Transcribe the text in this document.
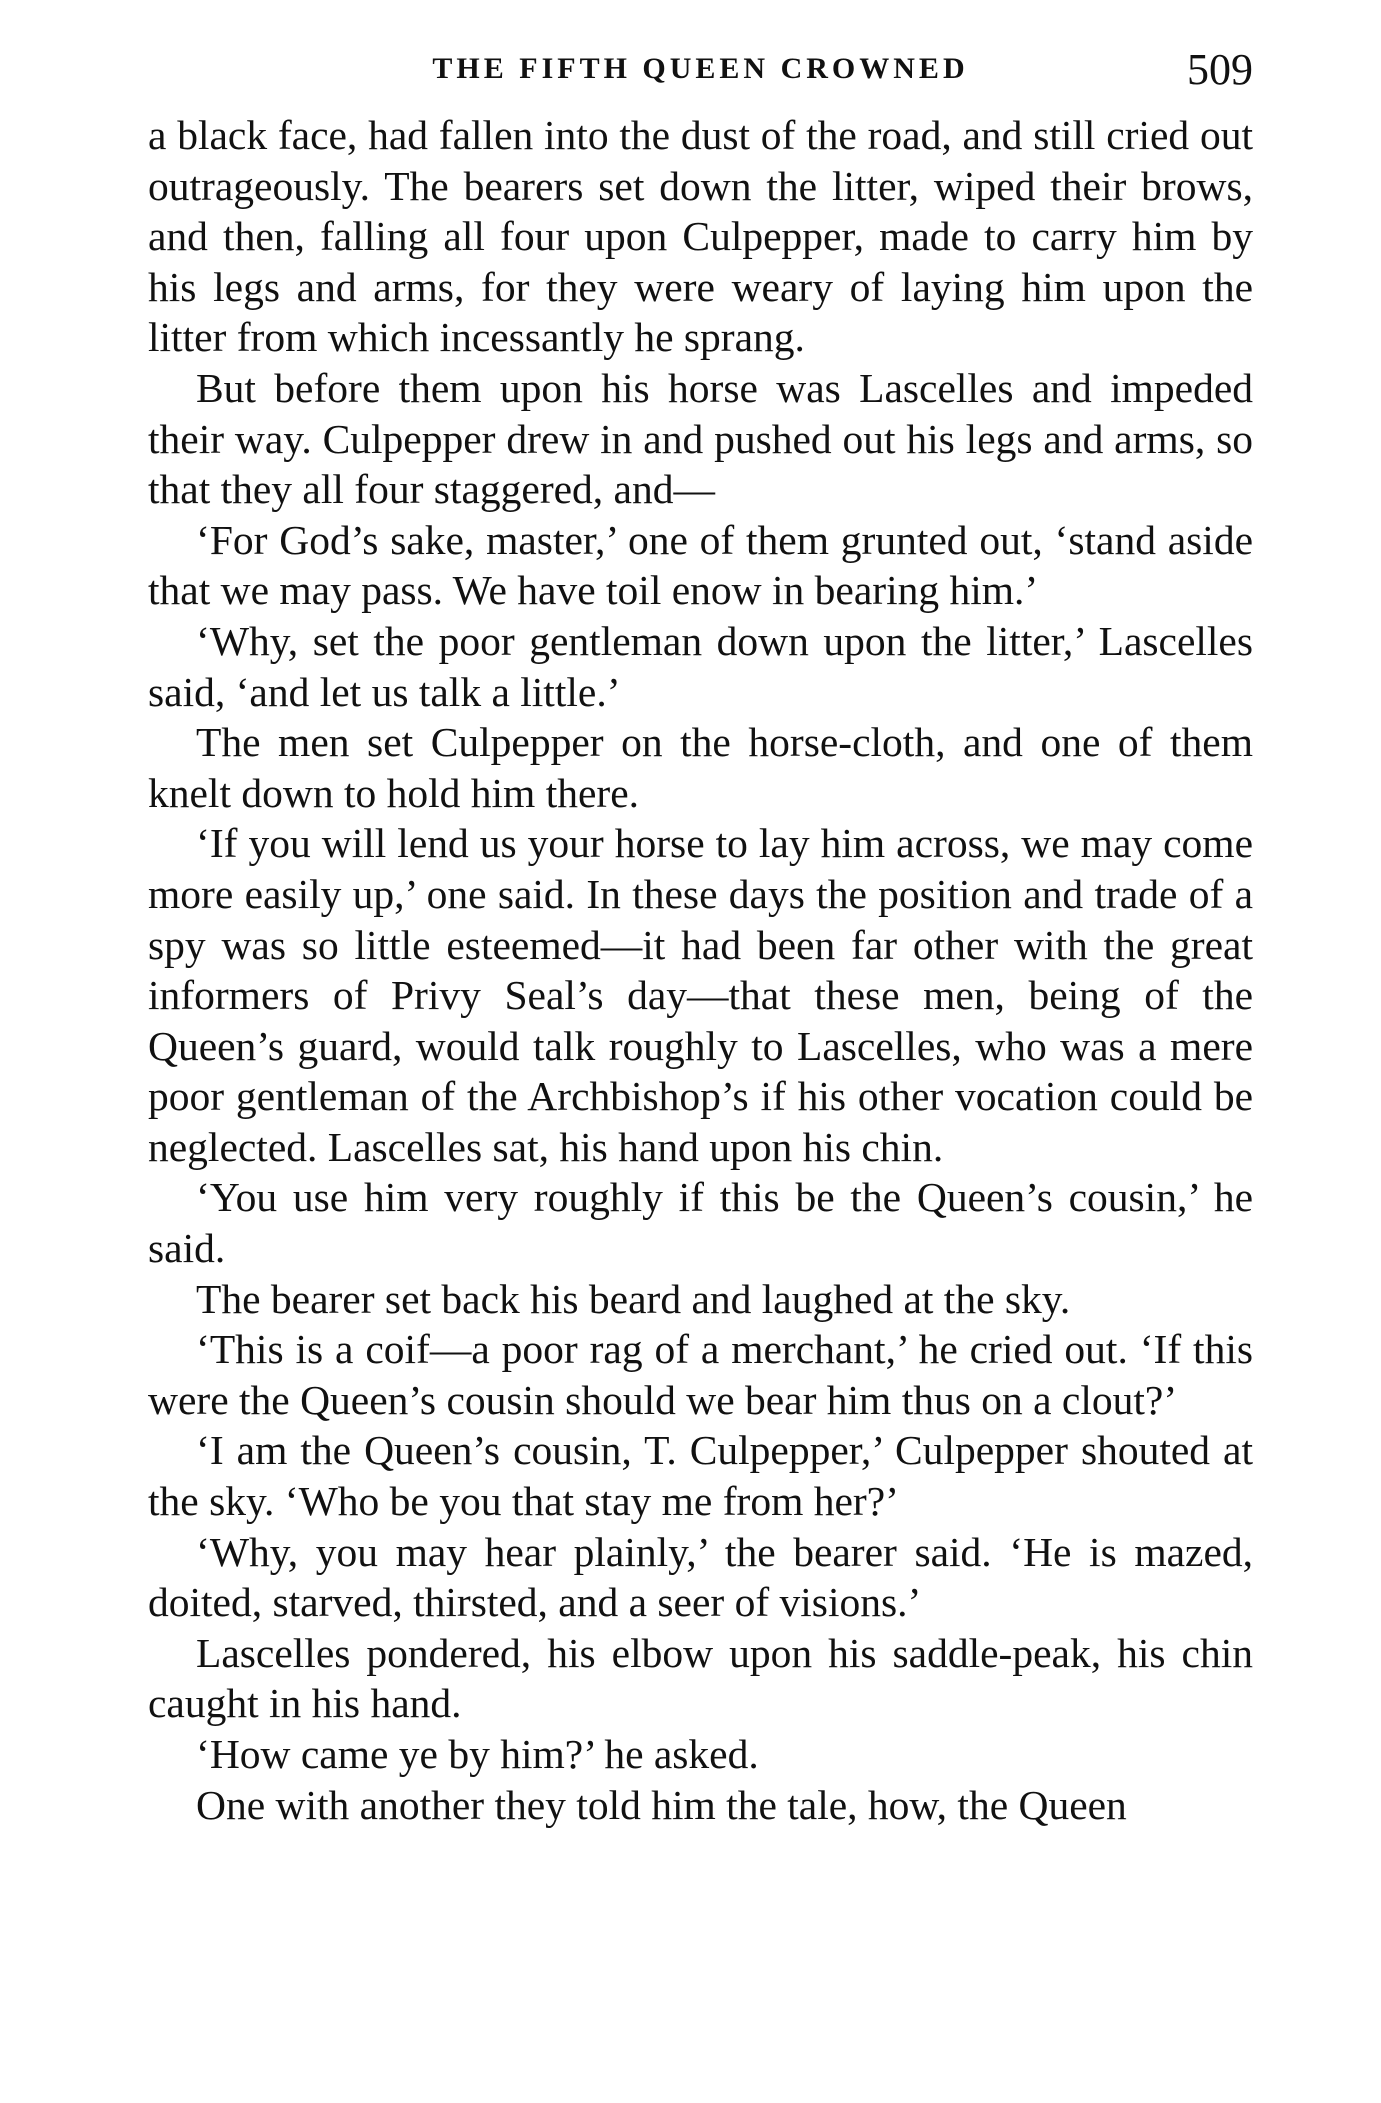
THE FIFTH QUEEN CROWNED	509

a black face, had fallen into the dust of the road, and still cried out outrageously. The bearers set down the litter, wiped their brows, and then, falling all four upon Culpepper, made to carry him by his legs and arms, for they were weary of laying him upon the litter from which incessantly he sprang.

But before them upon his horse was Lascelles and impeded their way. Culpepper drew in and pushed out his legs and arms, so that they all four staggered, and—

‘For God’s sake, master,’ one of them grunted out, ‘stand aside that we may pass. We have toil enow in bearing him.’

‘Why, set the poor gentleman down upon the litter,’ Lascelles said, ‘and let us talk a little.’

The men set Culpepper on the horse-cloth, and one of them knelt down to hold him there.

‘If you will lend us your horse to lay him across, we may come more easily up,’ one said. In these days the position and trade of a spy was so little esteemed—it had been far other with the great informers of Privy Seal’s day—that these men, being of the Queen’s guard, would talk roughly to Lascelles, who was a mere poor gentleman of the Archbishop’s if his other vocation could be neglected. Lascelles sat, his hand upon his chin.

‘You use him very roughly if this be the Queen’s cousin,’ he said.

The bearer set back his beard and laughed at the sky.

‘This is a coif—a poor rag of a merchant,’ he cried out. ‘If this were the Queen’s cousin should we bear him thus on a clout?’

‘I am the Queen’s cousin, T. Culpepper,’ Culpepper shouted at the sky. ‘Who be you that stay me from her?’

‘Why, you may hear plainly,’ the bearer said. ‘He is mazed, doited, starved, thirsted, and a seer of visions.’

Lascelles pondered, his elbow upon his saddle-peak, his chin caught in his hand.

‘How came ye by him?’ he asked.

One with another they told him the tale, how, the Queen
